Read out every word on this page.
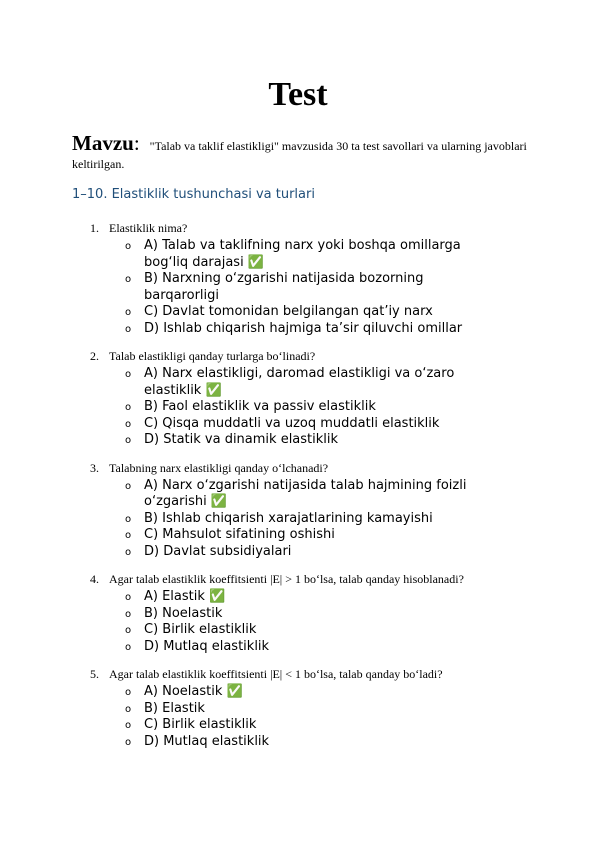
Test
Mavzu: "Talab va taklif elastikligi" mavzusida 30 ta test savollari va ularning javoblari keltirilgan.
1–10. Elastiklik tushunchasi va turlari
1. Elastiklik nima?
o A) Talab va taklifning narx yoki boshqa omillarga bog‘liq darajasi ✅
o B) Narxning o‘zgarishi natijasida bozorning barqarorligi
o C) Davlat tomonidan belgilangan qat’iy narx
o D) Ishlab chiqarish hajmiga ta’sir qiluvchi omillar
2. Talab elastikligi qanday turlarga bo‘linadi?
o A) Narx elastikligi, daromad elastikligi va o‘zaro elastiklik ✅
o B) Faol elastiklik va passiv elastiklik
o C) Qisqa muddatli va uzoq muddatli elastiklik
o D) Statik va dinamik elastiklik
3. Talabning narx elastikligi qanday o‘lchanadi?
o A) Narx o‘zgarishi natijasida talab hajmining foizli o‘zgarishi ✅
o B) Ishlab chiqarish xarajatlarining kamayishi
o C) Mahsulot sifatining oshishi
o D) Davlat subsidiyalari
4. Agar talab elastiklik koeffitsienti |E| > 1 bo‘lsa, talab qanday hisoblanadi?
o A) Elastik ✅
o B) Noelastik
o C) Birlik elastiklik
o D) Mutlaq elastiklik
5. Agar talab elastiklik koeffitsienti |E| < 1 bo‘lsa, talab qanday bo‘ladi?
o A) Noelastik ✅
o B) Elastik
o C) Birlik elastiklik
o D) Mutlaq elastiklik
